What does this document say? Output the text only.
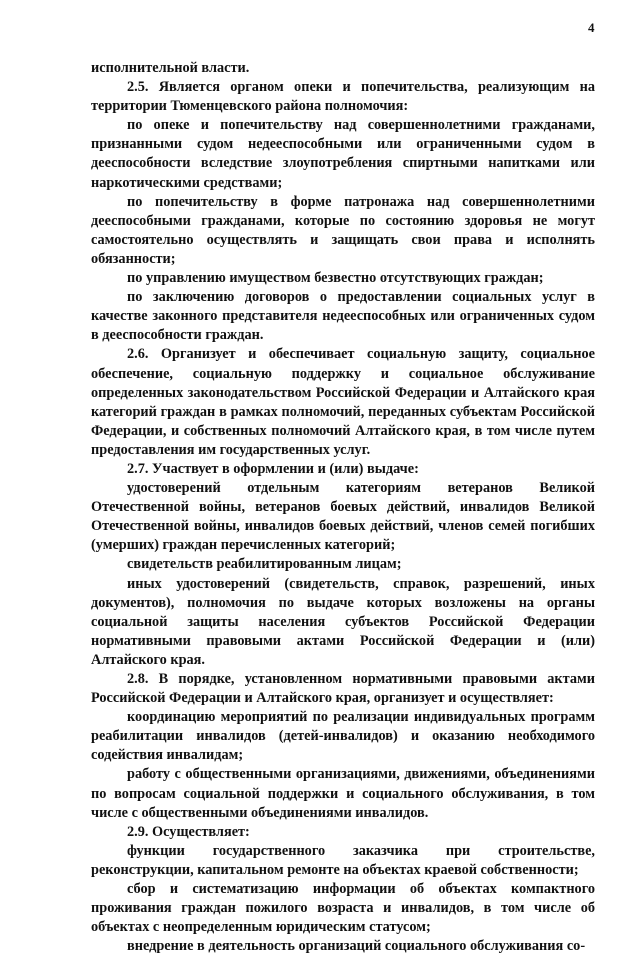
4

исполнительной власти.

2.5. Является органом опеки и попечительства, реализующим на территории Тюменцевского района полномочия:

по опеке и попечительству над совершеннолетними гражданами, признанными судом недееспособными или ограниченными судом в дееспособности вследствие злоупотребления спиртными напитками или наркотическими средствами;

по попечительству в форме патронажа над совершеннолетними дееспособными гражданами, которые по состоянию здоровья не могут самостоятельно осуществлять и защищать свои права и исполнять обязанности;

по управлению имуществом безвестно отсутствующих граждан;

по заключению договоров о предоставлении социальных услуг в качестве законного представителя недееспособных или ограниченных судом в дееспособности граждан.

2.6. Организует и обеспечивает социальную защиту, социальное обеспечение, социальную поддержку и социальное обслуживание определенных законодательством Российской Федерации и Алтайского края категорий граждан в рамках полномочий, переданных субъектам Российской Федерации, и собственных полномочий Алтайского края, в том числе путем предоставления им государственных услуг.

2.7. Участвует в оформлении и (или) выдаче:

удостоверений отдельным категориям ветеранов Великой Отечественной войны, ветеранов боевых действий, инвалидов Великой Отечественной войны, инвалидов боевых действий, членов семей погибших (умерших) граждан перечисленных категорий;

свидетельств реабилитированным лицам;

иных удостоверений (свидетельств, справок, разрешений, иных документов), полномочия по выдаче которых возложены на органы социальной защиты населения субъектов Российской Федерации нормативными правовыми актами Российской Федерации и (или) Алтайского края.

2.8. В порядке, установленном нормативными правовыми актами Российской Федерации и Алтайского края, организует и осуществляет:

координацию мероприятий по реализации индивидуальных программ реабилитации инвалидов (детей-инвалидов) и оказанию необходимого содействия инвалидам;

работу с общественными организациями, движениями, объединениями по вопросам социальной поддержки и социального обслуживания, в том числе с общественными объединениями инвалидов.

2.9. Осуществляет:

функции государственного заказчика при строительстве, реконструкции, капитальном ремонте на объектах краевой собственности;

сбор и систематизацию информации об объектах компактного проживания граждан пожилого возраста и инвалидов, в том числе об объектах с неопределенным юридическим статусом;

внедрение в деятельность организаций социального обслуживания со-
